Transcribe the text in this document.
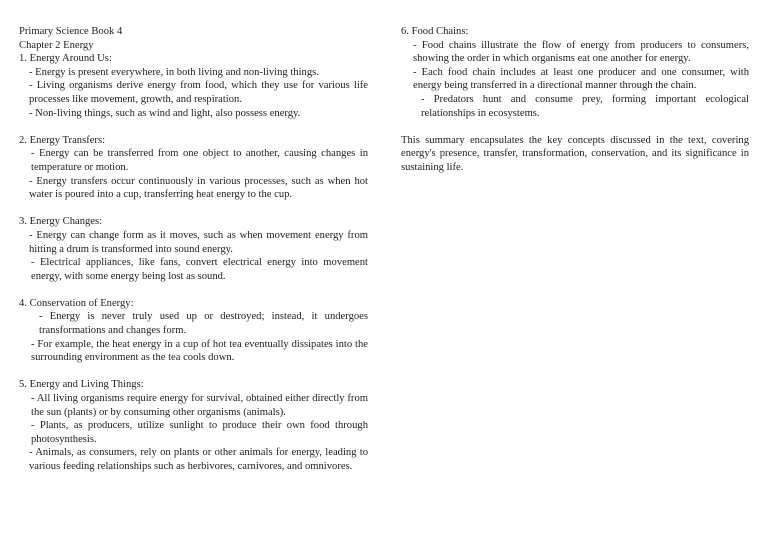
Primary Science Book 4
Chapter 2 Energy
1. Energy Around Us:
- Energy is present everywhere, in both living and non-living things.
- Living organisms derive energy from food, which they use for various life processes like movement, growth, and respiration.
- Non-living things, such as wind and light, also possess energy.
2. Energy Transfers:
- Energy can be transferred from one object to another, causing changes in temperature or motion.
- Energy transfers occur continuously in various processes, such as when hot water is poured into a cup, transferring heat energy to the cup.
3. Energy Changes:
- Energy can change form as it moves, such as when movement energy from hitting a drum is transformed into sound energy.
- Electrical appliances, like fans, convert electrical energy into movement energy, with some energy being lost as sound.
4. Conservation of Energy:
- Energy is never truly used up or destroyed; instead, it undergoes transformations and changes form.
- For example, the heat energy in a cup of hot tea eventually dissipates into the surrounding environment as the tea cools down.
5. Energy and Living Things:
- All living organisms require energy for survival, obtained either directly from the sun (plants) or by consuming other organisms (animals).
- Plants, as producers, utilize sunlight to produce their own food through photosynthesis.
- Animals, as consumers, rely on plants or other animals for energy, leading to various feeding relationships such as herbivores, carnivores, and omnivores.
6. Food Chains:
- Food chains illustrate the flow of energy from producers to consumers, showing the order in which organisms eat one another for energy.
- Each food chain includes at least one producer and one consumer, with energy being transferred in a directional manner through the chain.
- Predators hunt and consume prey, forming important ecological relationships in ecosystems.
This summary encapsulates the key concepts discussed in the text, covering energy's presence, transfer, transformation, conservation, and its significance in sustaining life.
